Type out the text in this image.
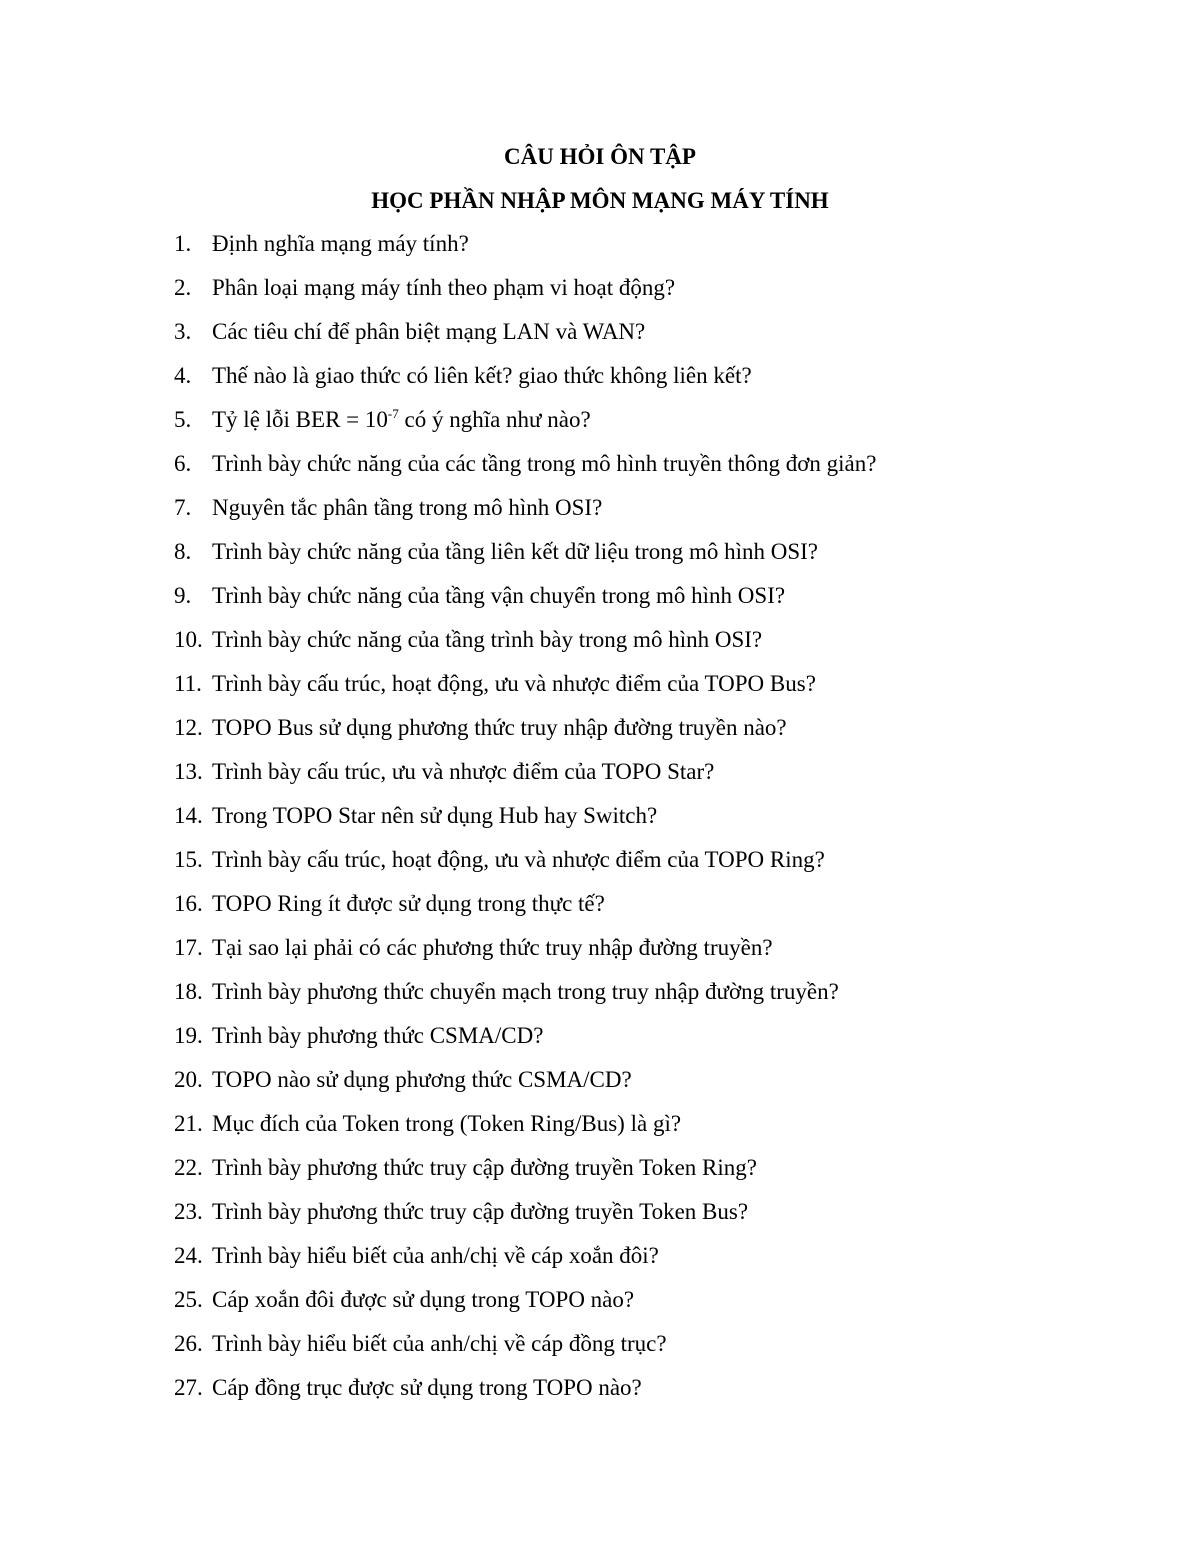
CÂU HỎI ÔN TẬP
HỌC PHẦN NHẬP MÔN MẠNG MÁY TÍNH
1. Định nghĩa mạng máy tính?
2. Phân loại mạng máy tính theo phạm vi hoạt động?
3. Các tiêu chí để phân biệt mạng LAN và WAN?
4. Thế nào là giao thức có liên kết? giao thức không liên kết?
5. Tỷ lệ lỗi BER = $10^{-7}$ có ý nghĩa như nào?
6. Trình bày chức năng của các tầng trong mô hình truyền thông đơn giản?
7. Nguyên tắc phân tầng trong mô hình OSI?
8. Trình bày chức năng của tầng liên kết dữ liệu trong mô hình OSI?
9. Trình bày chức năng của tầng vận chuyển trong mô hình OSI?
10. Trình bày chức năng của tầng trình bày trong mô hình OSI?
11. Trình bày cấu trúc, hoạt động, ưu và nhược điểm của TOPO Bus?
12. TOPO Bus sử dụng phương thức truy nhập đường truyền nào?
13. Trình bày cấu trúc, ưu và nhược điểm của TOPO Star?
14. Trong TOPO Star nên sử dụng Hub hay Switch?
15. Trình bày cấu trúc, hoạt động, ưu và nhược điểm của TOPO Ring?
16. TOPO Ring ít được sử dụng trong thực tế?
17. Tại sao lại phải có các phương thức truy nhập đường truyền?
18. Trình bày phương thức chuyển mạch trong truy nhập đường truyền?
19. Trình bày phương thức CSMA/CD?
20. TOPO nào sử dụng phương thức CSMA/CD?
21. Mục đích của Token trong (Token Ring/Bus) là gì?
22. Trình bày phương thức truy cập đường truyền Token Ring?
23. Trình bày phương thức truy cập đường truyền Token Bus?
24. Trình bày hiểu biết của anh/chị về cáp xoắn đôi?
25. Cáp xoắn đôi được sử dụng trong TOPO nào?
26. Trình bày hiểu biết của anh/chị về cáp đồng trục?
27. Cáp đồng trục được sử dụng trong TOPO nào?
